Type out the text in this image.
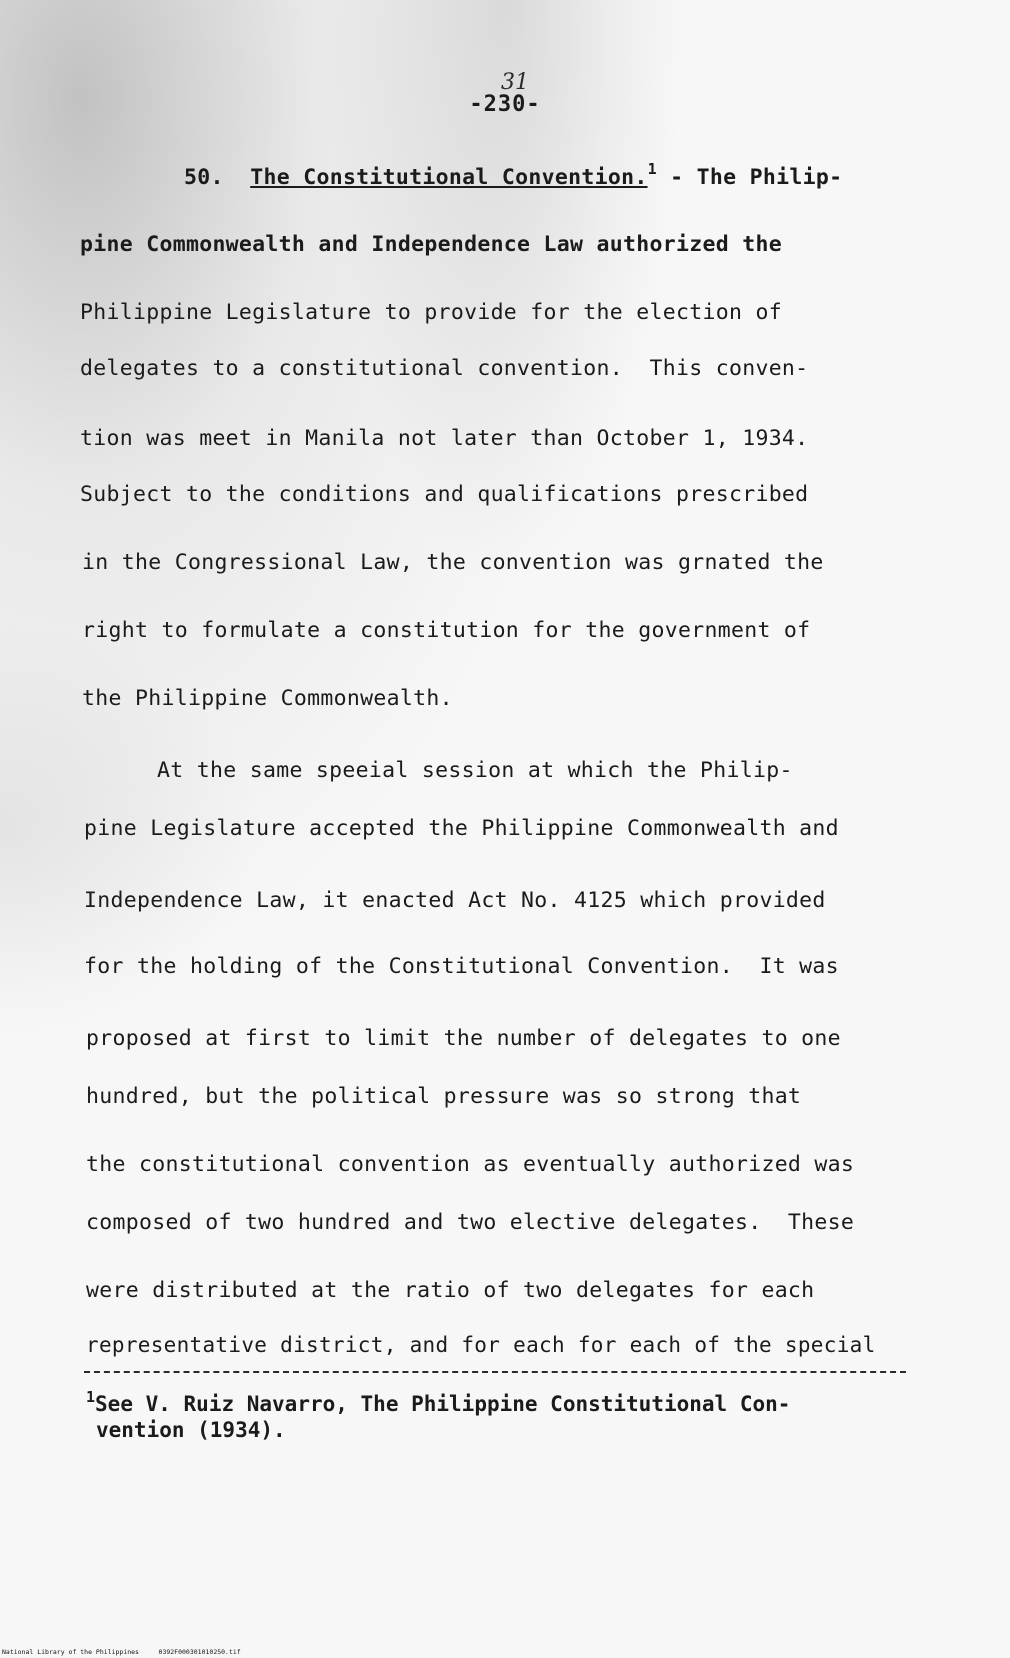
31
-230-
50. The Constitutional Convention.$^1$ - The Philip-
pine Commonwealth and Independence Law authorized the
Philippine Legislature to provide for the election of
delegates to a constitutional convention.  This conven-
tion was meet in Manila not later than October 1, 1934.
Subject to the conditions and qualifications prescribed
in the Congressional Law, the convention was grnated the
right to formulate a constitution for the government of
the Philippine Commonwealth.
At the same speeial session at which the Philip-
pine Legislature accepted the Philippine Commonwealth and
Independence Law, it enacted Act No. 4125 which provided
for the holding of the Constitutional Convention.  It was
proposed at first to limit the number of delegates to one
hundred, but the political pressure was so strong that
the constitutional convention as eventually authorized was
composed of two hundred and two elective delegates.  These
were distributed at the ratio of two delegates for each
representative district, and for each for each of the special
$^1$See V. Ruiz Navarro, The Philippine Constitutional Con-
vention (1934).
National Library of the Philippines     0392F000301010250.tif
